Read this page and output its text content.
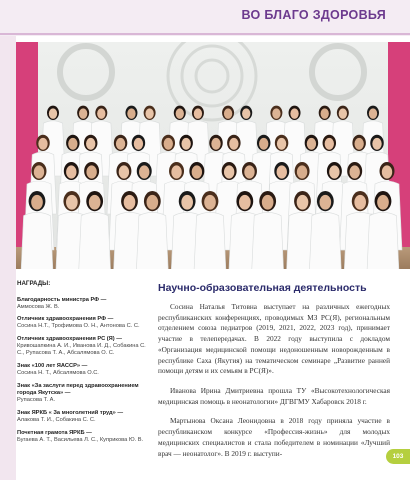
ВО БЛАГО ЗДОРОВЬЯ
НАГРАДЫ:
Благодарность министра РФ —
Аммосова Ж. В.
Отличник здравоохранения РФ —
Сосина Н.Т., Трофимова О. Н., Антонова С. С.
Отличник здравоохранения РС (Я) —
Кривошапкина А. И., Иванова И. Д., Собакина С. С., Рупасова Т. А., Абсалямова О. С.
Знак «100 лет ЯАССР» —
Сосина Н. Т., Абсалямова О.С.
Знак «За заслуги перед здравоохранением города Якутска» —
Рупасова Т. А.
Знак ЯРКБ « За многолетний труд» —
Алакова Т. И., Собакина С. С.
Почетная грамота ЯРКБ —
Бугаева А. Т., Васильева Л. С., Куприкова Ю. В.
Научно-образовательная деятельность

Сосина Наталья Титовна выступает на различных ежегодных республиканских конференциях, проводимых МЗ РС(Я), региональным отделением союза педиатров (2019, 2021, 2022, 2023 год), принимает участие в телепередачах. В 2022 году выступила с докладом «Организация медицинской помощи недоношенным новорожденным в республике Саха (Якутия) на тематическом семинаре „Развитие ранней помощи детям и их семьям в РС(Я)».

Иванова Ирина Дмитриевна прошла ТУ «Высокотехнологическая медицинская помощь в неонатологии» ДГВГМУ Хабаровск 2018 г.

Мартынова Оксана Леонидовна в 2018 году приняла участие в республиканском конкурсе «Профессия-жизнь» для молодых медицинских специалистов и стала победителем в номинации «Лучший врач — неонатолог». В 2019 г. выступи-	103
